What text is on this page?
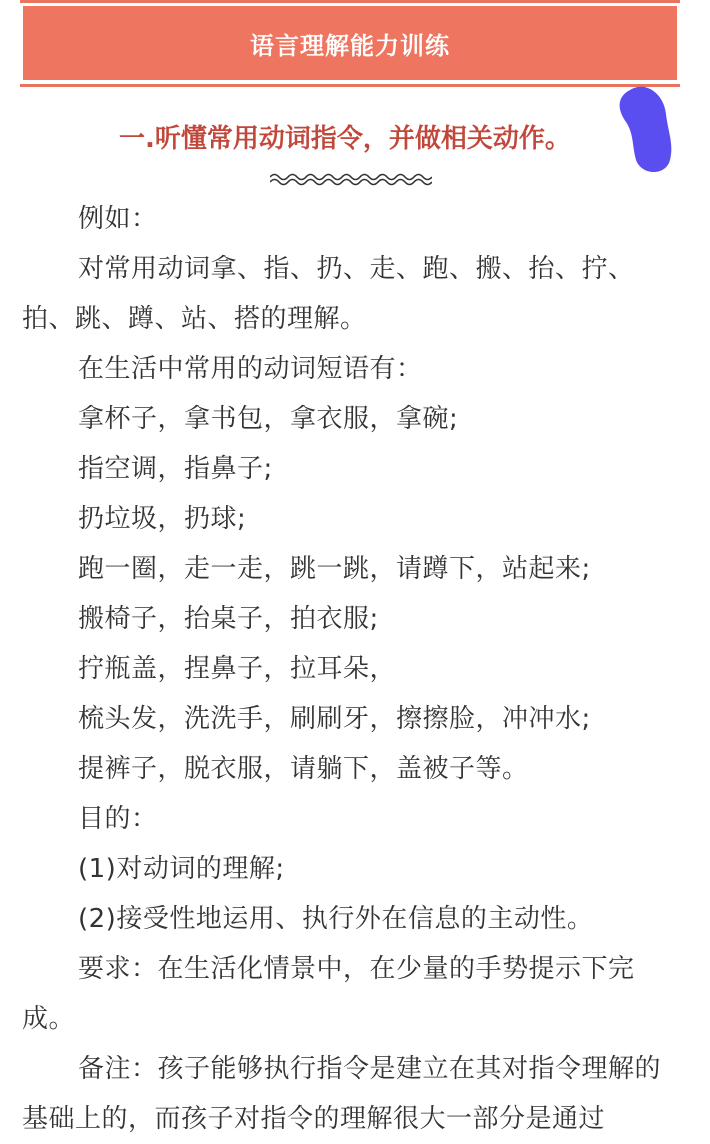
语言理解能力训练
一.听懂常用动词指令，并做相关动作。

例如：

对常用动词拿、指、扔、走、跑、搬、抬、拧、拍、跳、蹲、站、搭的理解。

在生活中常用的动词短语有：

拿杯子，拿书包，拿衣服，拿碗;

指空调，指鼻子;

扔垃圾，扔球;

跑一圈，走一走，跳一跳，请蹲下，站起来;

搬椅子，抬桌子，拍衣服;

拧瓶盖，捏鼻子，拉耳朵，

梳头发，洗洗手，刷刷牙，擦擦脸，冲冲水;

提裤子，脱衣服，请躺下，盖被子等。

目的：

(1)对动词的理解;

(2)接受性地运用、执行外在信息的主动性。

要求：在生活化情景中，在少量的手势提示下完成。

备注：孩子能够执行指令是建立在其对指令理解的基础上的，而孩子对指令的理解很大一部分是通过
